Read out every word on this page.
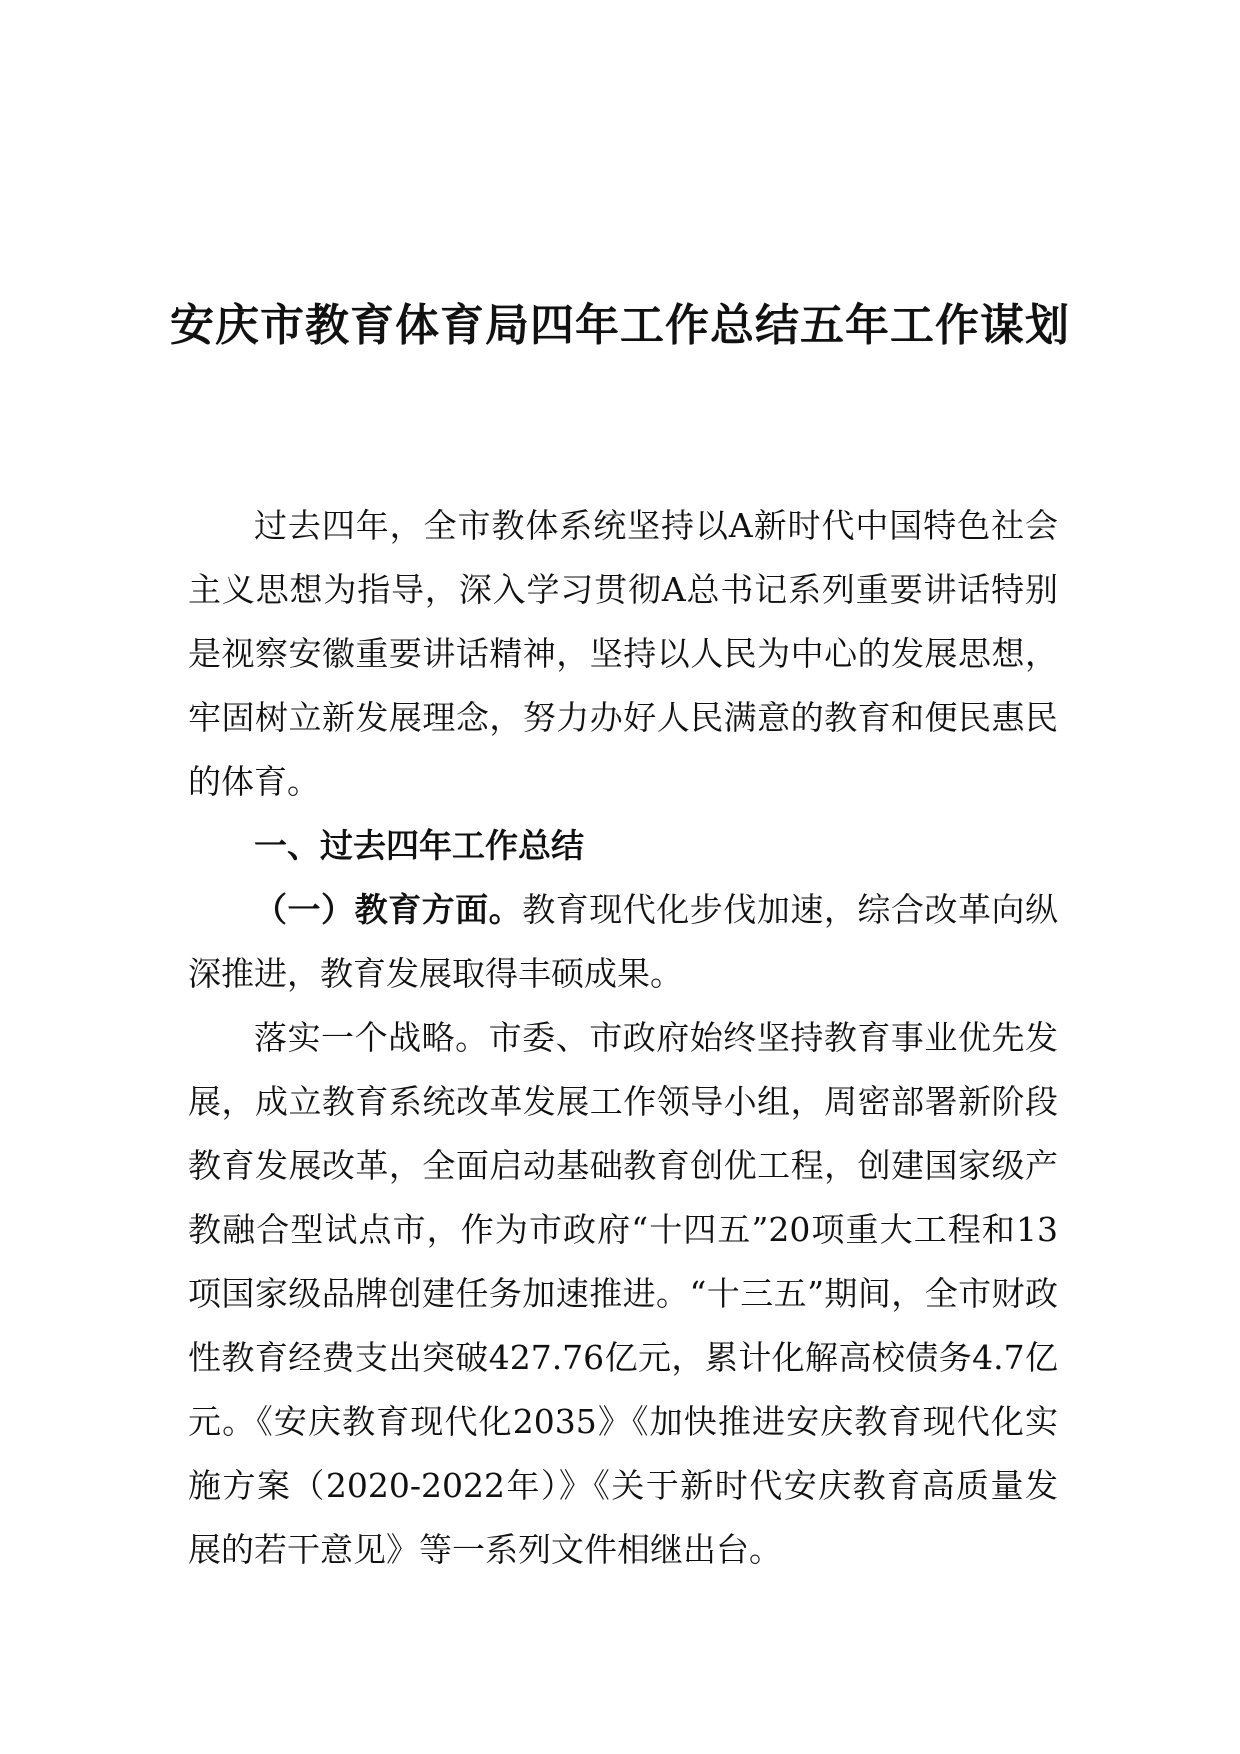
安庆市教育体育局四年工作总结五年工作谋划

过去四年，全市教体系统坚持以A新时代中国特色社会主义思想为指导，深入学习贯彻A总书记系列重要讲话特别是视察安徽重要讲话精神，坚持以人民为中心的发展思想，牢固树立新发展理念，努力办好人民满意的教育和便民惠民的体育。

一、过去四年工作总结

（一）教育方面。教育现代化步伐加速，综合改革向纵深推进，教育发展取得丰硕成果。

落实一个战略。市委、市政府始终坚持教育事业优先发展，成立教育系统改革发展工作领导小组，周密部署新阶段教育发展改革，全面启动基础教育创优工程，创建国家级产教融合型试点市，作为市政府“十四五”20项重大工程和13项国家级品牌创建任务加速推进。“十三五”期间，全市财政性教育经费支出突破427.76亿元，累计化解高校债务4.7亿元。《安庆教育现代化2035》《加快推进安庆教育现代化实施方案（2020-2022年）》《关于新时代安庆教育高质量发展的若干意见》等一系列文件相继出台。
